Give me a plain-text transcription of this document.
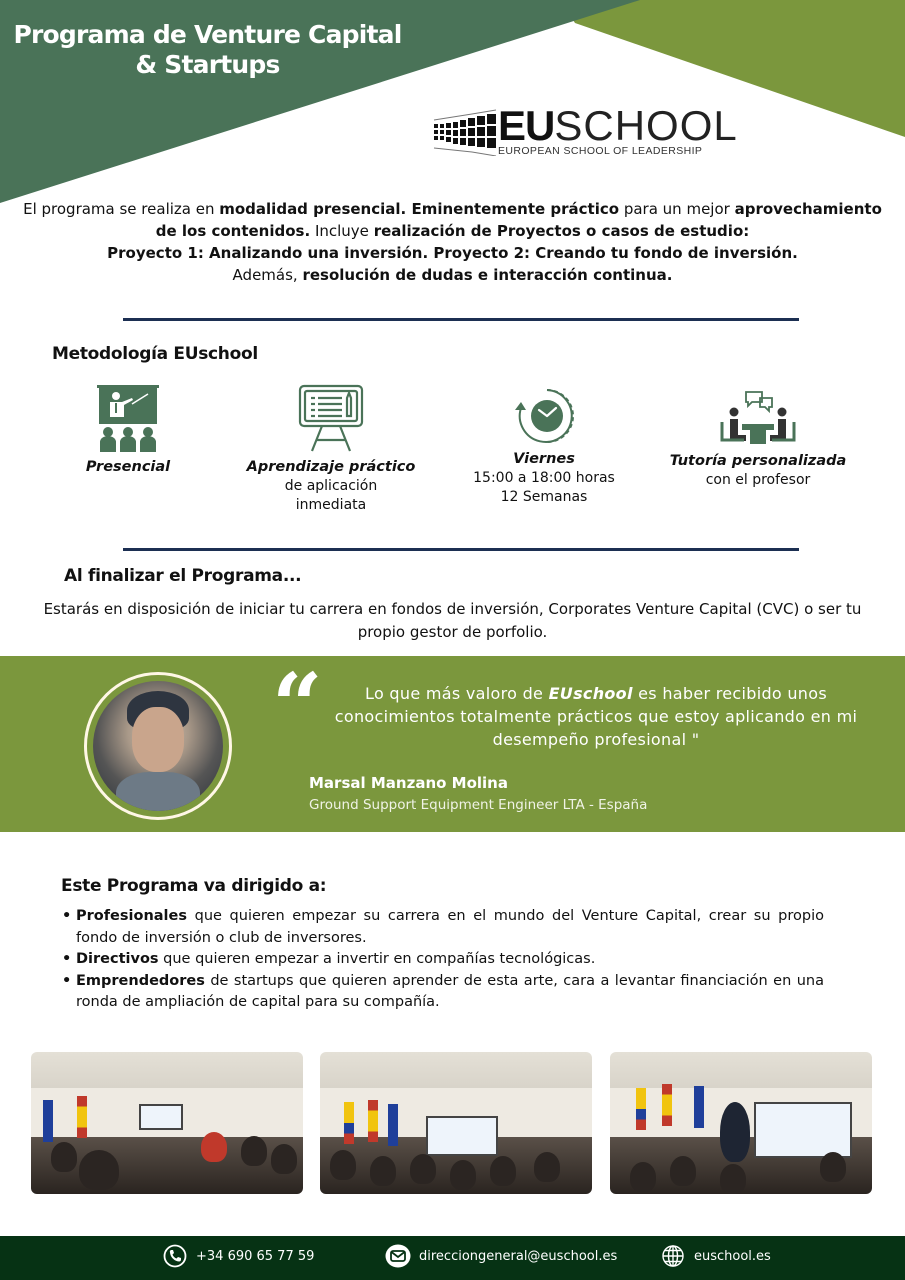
Programa de Venture Capital
& Startups
EUSCHOOL
EUROPEAN SCHOOL OF LEADERSHIP
El programa se realiza en modalidad presencial. Eminentemente práctico para un mejor aprovechamiento de los contenidos. Incluye realización de Proyectos o casos de estudio:
Proyecto 1: Analizando una inversión. Proyecto 2: Creando tu fondo de inversión.
Además, resolución de dudas e interacción continua.
Metodología EUschool
Presencial	Aprendizaje práctico
de aplicación
inmediata
Viernes
15:00 a 18:00 horas
12 Semanas
Tutoría personalizada
con el profesor
Al finalizar el Programa...
Estarás en disposición de iniciar tu carrera en fondos de inversión, Corporates Venture Capital (CVC) o ser tu propio gestor de porfolio.
“	Lo que más valoro de EUschool es haber recibido unos conocimientos totalmente prácticos que estoy aplicando en mi desempeño profesional "
Marsal Manzano Molina
Ground Support Equipment Engineer LTA - España
Este Programa va dirigido a:
• Profesionales que quieren empezar su carrera en el mundo del Venture Capital, crear su propio fondo de inversión o club de inversores.
• Directivos que quieren empezar a invertir en compañías tecnológicas.
• Emprendedores de startups que quieren aprender de esta arte, cara a levantar financiación en una ronda de ampliación de capital para su compañía.
+34 690 65 77 59	direcciongeneral@euschool.es	euschool.es
